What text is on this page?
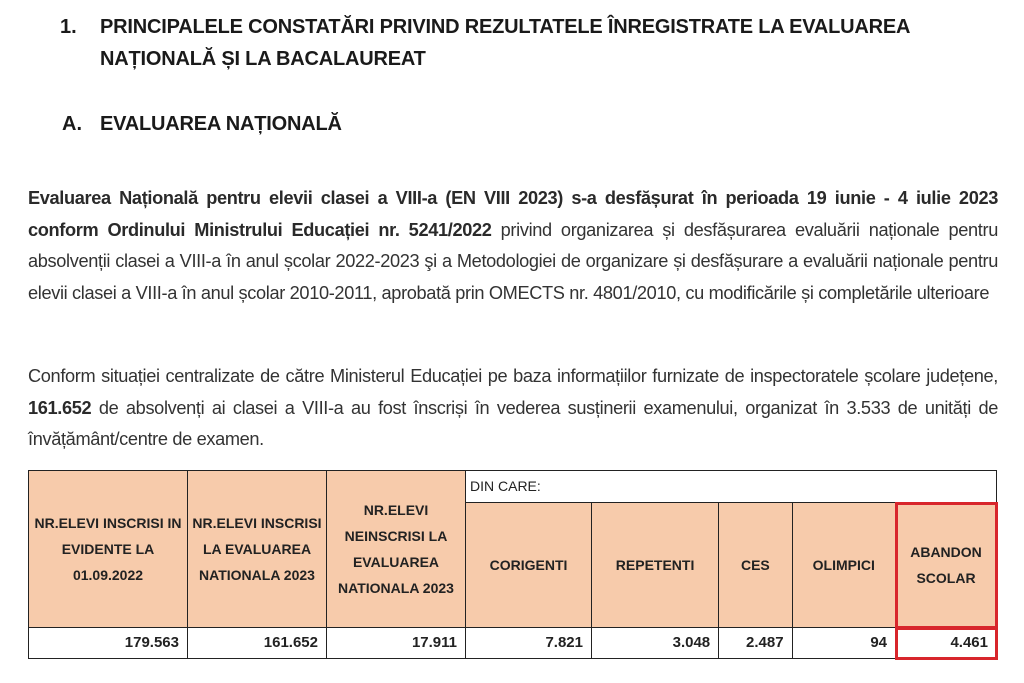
1. PRINCIPALELE CONSTATĂRI PRIVIND REZULTATELE ÎNREGISTRATE LA EVALUAREA
NAȚIONALĂ ȘI LA BACALAUREAT
A. EVALUAREA NAȚIONALĂ
Evaluarea Națională pentru elevii clasei a VIII-a (EN VIII 2023) s-a desfășurat în perioada 19 iunie - 4 iulie 2023 conform Ordinului Ministrului Educației nr. 5241/2022 privind organizarea și desfășurarea evaluării naționale pentru absolvenții clasei a VIII-a în anul școlar 2022-2023 şi a Metodologiei de organizare și desfășurare a evaluării naționale pentru elevii clasei a VIII-a în anul școlar 2010-2011, aprobată prin OMECTS nr. 4801/2010, cu modificările și completările ulterioare
Conform situației centralizate de către Ministerul Educației pe baza informațiilor furnizate de inspectoratele școlare județene, 161.652 de absolvenți ai clasei a VIII-a au fost înscriși în vederea susținerii examenului, organizat în 3.533 de unități de învățământ/centre de examen.
NR.ELEVI INSCRISI IN EVIDENTE LA 01.09.2022	NR.ELEVI INSCRISI LA EVALUAREA NATIONALA 2023	NR.ELEVI NEINSCRISI LA EVALUAREA NATIONALA 2023	DIN CARE:				
			CORIGENTI	REPETENTI	CES	OLIMPICI	ABANDON SCOLAR
179.563	161.652	17.911	7.821	3.048	2.487	94	4.461
